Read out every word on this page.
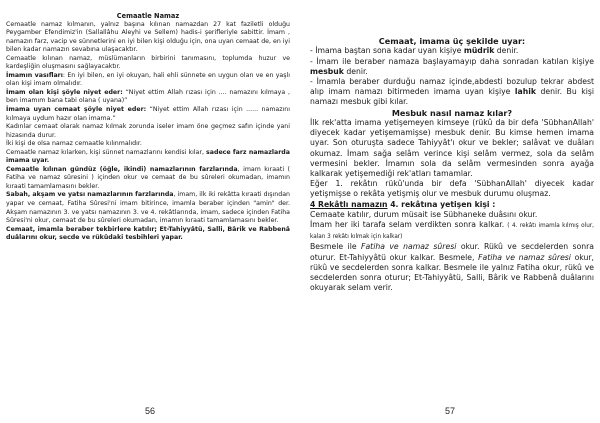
Cemaatle Namaz

Cemaatle namaz kılmanın, yalnız başına kılınan namazdan 27 kat faziletli olduğu Peygamber Efendimiz'in (Sallallâhu Aleyhi ve Sellem) hadis-i şerifleriyle sabittir. İmam , namazın farz, vacip ve sünnetlerini en iyi bilen kişi olduğu için, ona uyan cemaat de, en iyi bilen kadar namazın sevabına ulaşacaktır.

Cemaatle kılınan namaz, müslümanların birbirini tanımasını, toplumda huzur ve kardeşliğin oluşmasını sağlayacaktır.

İmamın vasıfları: En iyi bilen, en iyi okuyan, hali ehli sünnete en uygun olan ve en yaşlı olan kişi imam olmalıdır.

İmam olan kişi şöyle niyet eder: “Niyet ettim Allah rızası için .... namazını kılmaya , ben imamım bana tabi olana ( uyana)”

İmama uyan cemaat şöyle niyet eder: “Niyet ettim Allah rızası için ...... namazını kılmaya uydum hazır olan imama.”

Kadınlar cemaat olarak namaz kılmak zorunda iseler imam öne geçmez safın içinde yani hizasında durur.

İki kişi de olsa namaz cemaatle kılınmalıdır.

Cemaatle namaz kılarken, kişi sünnet namazlarını kendisi kılar, sadece farz namazlarda imama uyar.

Cemaatle kılınan gündüz (öğle, ikindi) namazlarının farzlarında, imam kıraati ( Fatiha ve namaz sûresini ) içinden okur ve cemaat de bu sûreleri okumadan, imamın kıraati tamamlamasını bekler.

Sabah, akşam ve yatsı namazlarının farzlarında, imam, ilk iki rekâtta kıraati dışından yapar ve cemaat, Fatiha Sûresi'ni imam bitirince, imamla beraber içinden "amin" der. Akşam namazının 3. ve yatsı namazının 3. ve 4. rekâtlarında, imam, sadece içinden Fatiha Sûresi'ni okur, cemaat de bu sûreleri okumadan, imamın kıraati tamamlamasını bekler.

Cemaat, imamla beraber tekbirlere katılır; Et-Tahiyyâtü, Salli, Bârik ve Rabbenâ duâlarını okur, secde ve rükûdaki tesbihleri yapar.

56

Cemaat, imama üç şekilde uyar:

- İmama baştan sona kadar uyan kişiye müdrik denir.

- İmam ile beraber namaza başlayamayıp daha sonradan katılan kişiye mesbuk denir.

- İmamla beraber durduğu namaz içinde,abdesti bozulup tekrar abdest alıp imam namazı bitirmeden imama uyan kişiye lahik denir. Bu kişi namazı mesbuk gibi kılar.

Mesbuk nasıl namaz kılar?

İlk rek'atta imama yetişemeyen kimseye (rükû da bir defa 'SübhanAllah' diyecek kadar yetişemamişse) mesbuk denir. Bu kimse hemen imama uyar. Son oturuşta sadece Tahiyyât'ı okur ve bekler; salâvat ve duâları okumaz. İmam sağa selâm verince kişi selâm vermez, sola da selâm vermesini bekler. İmamın sola da selâm vermesinden sonra ayağa kalkarak yetişemediği rek'atları tamamlar.

Eğer 1. rekâtın rükû'unda bir defa 'SübhanAllah' diyecek kadar yetişmişse o rekâta yetişmiş olur ve mesbuk durumu oluşmaz.

4 Rekâtlı namazın 4. rekâtına yetişen kişi :

Cemaate katılır, durum müsait ise Sübhaneke duâsını okur.

İmam her iki tarafa selam verdikten sonra kalkar. ( 4. rekâtı imamla kılmış olur, kalan 3 rekâtı kılmak için kalkar)

Besmele ile Fatiha ve namaz sûresi okur. Rükû ve secdelerden sonra oturur. Et-Tahiyyâtü okur kalkar. Besmele, Fatiha ve namaz sûresi okur, rükû ve secdelerden sonra kalkar. Besmele ile yalnız Fatiha okur, rükû ve secdelerden sonra oturur; Et-Tahiyyâtü, Salli, Bârik ve Rabbenâ duâlarını okuyarak selam verir.

57
